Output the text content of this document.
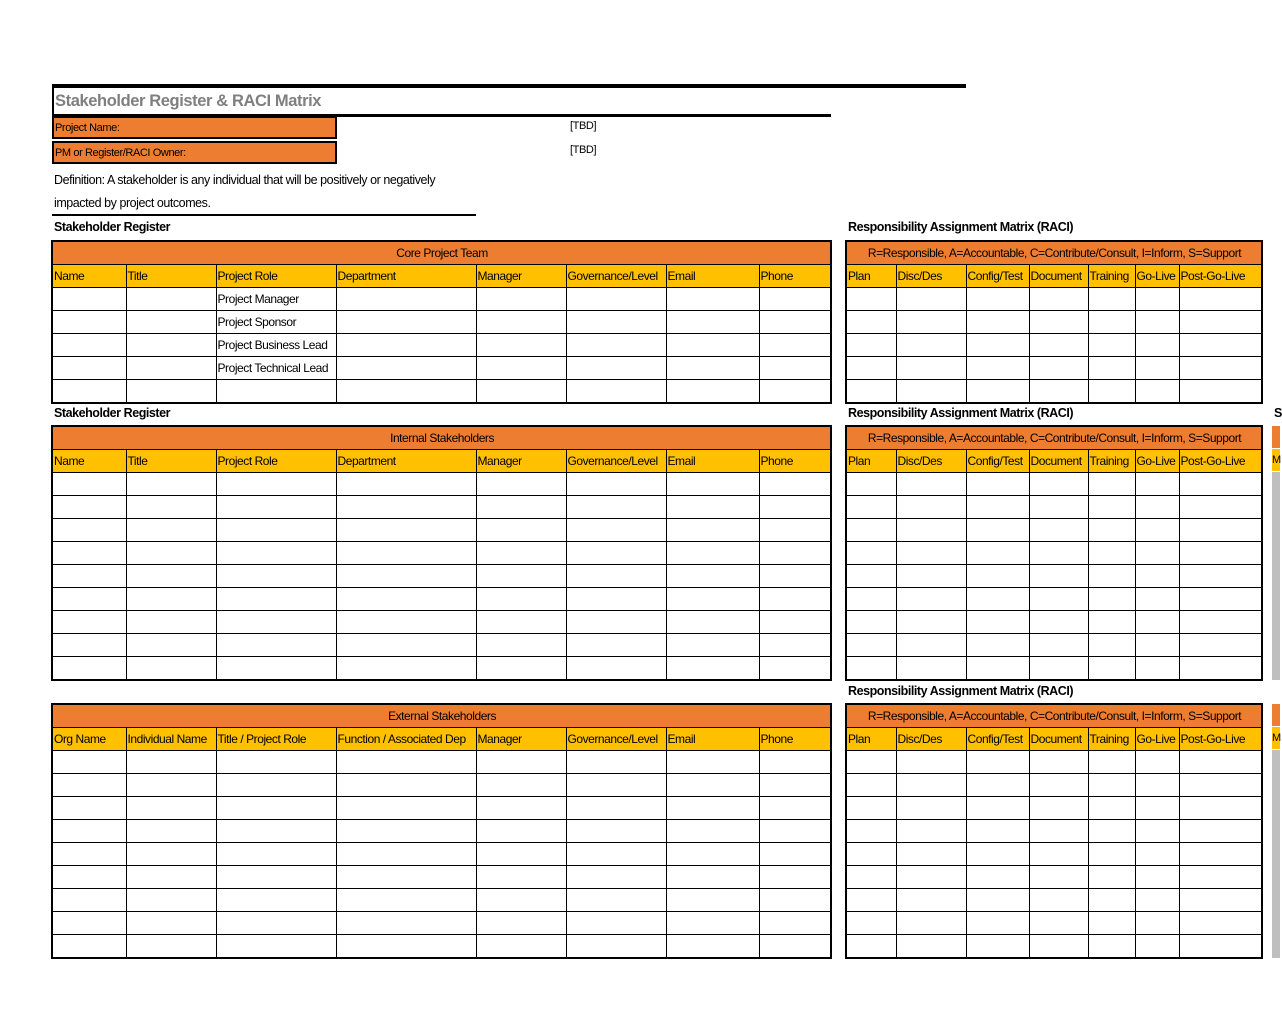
Stakeholder Register & RACI Matrix
Project Name:	[TBD]
PM or Register/RACI Owner:	[TBD]
Definition: A stakeholder is any individual that will be positively or negatively impacted by project outcomes.
Stakeholder Register	Responsibility Assignment Matrix (RACI)
Stakeholder Register	Responsibility Assignment Matrix (RACI)	S
Responsibility Assignment Matrix (RACI)
Core Project Team							
Name	Title	Project Role	Department	Manager	Governance/Level	Email	Phone
		Project Manager					
		Project Sponsor					
		Project Business Lead					
		Project Technical Lead					

R=Responsible, A=Accountable, C=Contribute/Consult, I=Inform, S=Support						
Plan	Disc/Des	Config/Test	Document	Training	Go-Live	Post-Go-Live

Internal Stakeholders							
Name	Title	Project Role	Department	Manager	Governance/Level	Email	Phone

R=Responsible, A=Accountable, C=Contribute/Consult, I=Inform, S=Support						
Plan	Disc/Des	Config/Test	Document	Training	Go-Live	Post-Go-Live

External Stakeholders							
Org Name	Individual Name	Title / Project Role	Function / Associated Dep	Manager	Governance/Level	Email	Phone

R=Responsible, A=Accountable, C=Contribute/Consult, I=Inform, S=Support						
Plan	Disc/Des	Config/Test	Document	Training	Go-Live	Post-Go-Live

M
M
